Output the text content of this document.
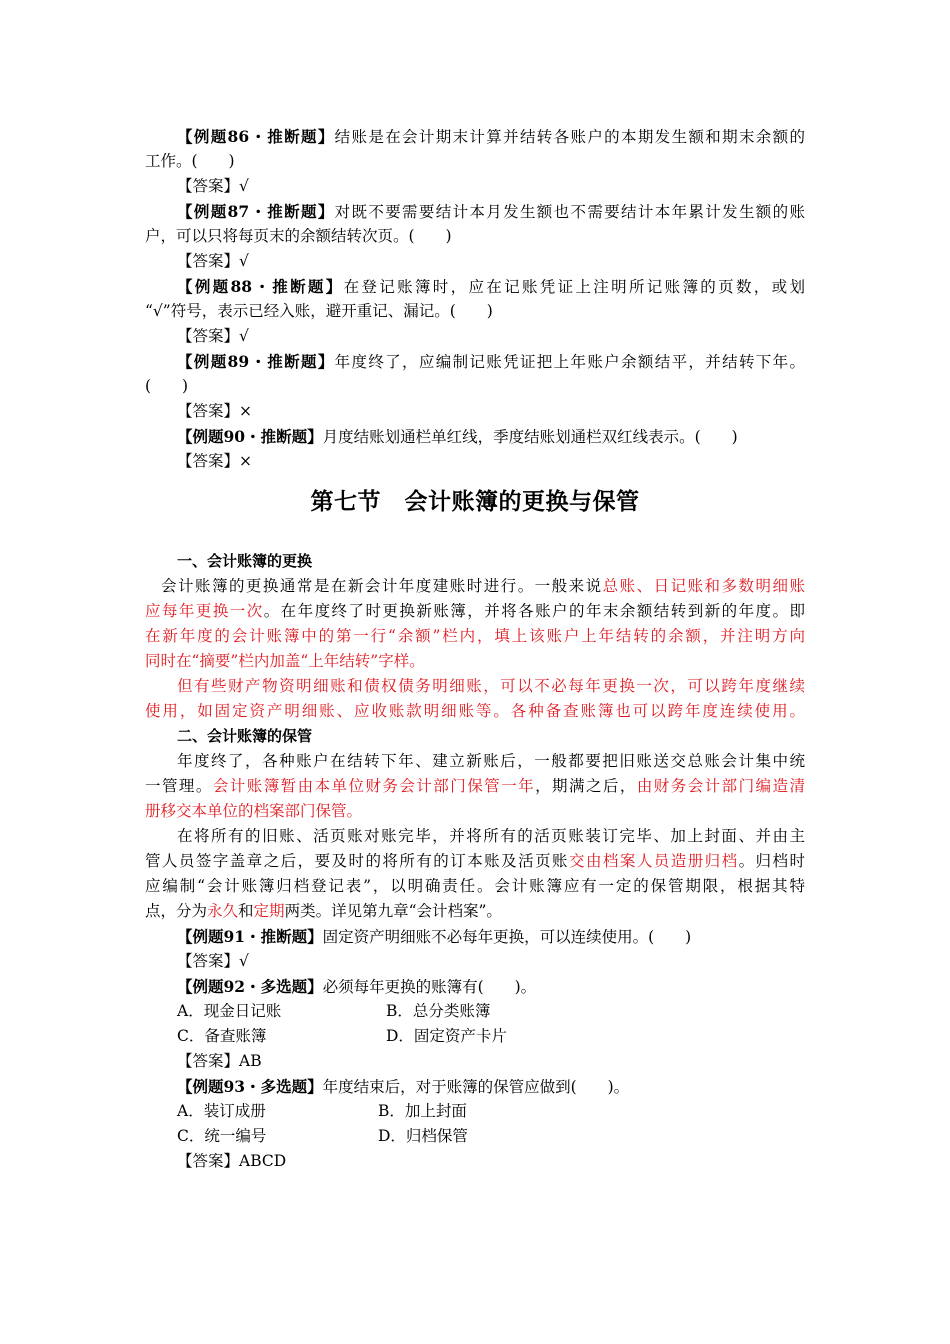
【例题86・推断题】结账是在会计期末计算并结转各账户的本期发生额和期末余额的
工作。(　　)
【答案】√
【例题87・推断题】对既不要需要结计本月发生额也不需要结计本年累计发生额的账
户，可以只将每页末的余额结转次页。(　　)
【答案】√
【例题88・推断题】在登记账簿时，应在记账凭证上注明所记账簿的页数，或划
“√”符号，表示已经入账，避开重记、漏记。(　　)
【答案】√
【例题89・推断题】年度终了，应编制记账凭证把上年账户余额结平，并结转下年。
(　　)
【答案】×
【例题90・推断题】月度结账划通栏单红线，季度结账划通栏双红线表示。(　　)
【答案】×
第七节　会计账簿的更换与保管
一、会计账簿的更换
会计账簿的更换通常是在新会计年度建账时进行。一般来说总账、日记账和多数明细账
应每年更换一次。在年度终了时更换新账簿，并将各账户的年末余额结转到新的年度。即
在新年度的会计账簿中的第一行“余额”栏内，填上该账户上年结转的余额，并注明方向
同时在“摘要”栏内加盖“上年结转”字样。
但有些财产物资明细账和债权债务明细账，可以不必每年更换一次，可以跨年度继续
使用，如固定资产明细账、应收账款明细账等。各种备查账簿也可以跨年度连续使用。
二、会计账簿的保管
年度终了，各种账户在结转下年、建立新账后，一般都要把旧账送交总账会计集中统
一管理。会计账簿暂由本单位财务会计部门保管一年，期满之后，由财务会计部门编造清
册移交本单位的档案部门保管。
在将所有的旧账、活页账对账完毕，并将所有的活页账装订完毕、加上封面、并由主
管人员签字盖章之后，要及时的将所有的订本账及活页账交由档案人员造册归档。归档时
应编制“会计账簿归档登记表”，以明确责任。会计账簿应有一定的保管期限，根据其特
点，分为永久和定期两类。详见第九章“会计档案”。
【例题91・推断题】固定资产明细账不必每年更换，可以连续使用。(　　)
【答案】√
【例题92・多选题】必须每年更换的账簿有(　　)。
A．现金日记账	B．总分类账簿
C．备查账簿	D．固定资产卡片
【答案】AB
【例题93・多选题】年度结束后，对于账簿的保管应做到(　　)。
A．装订成册	B．加上封面
C．统一编号	D．归档保管
【答案】ABCD
